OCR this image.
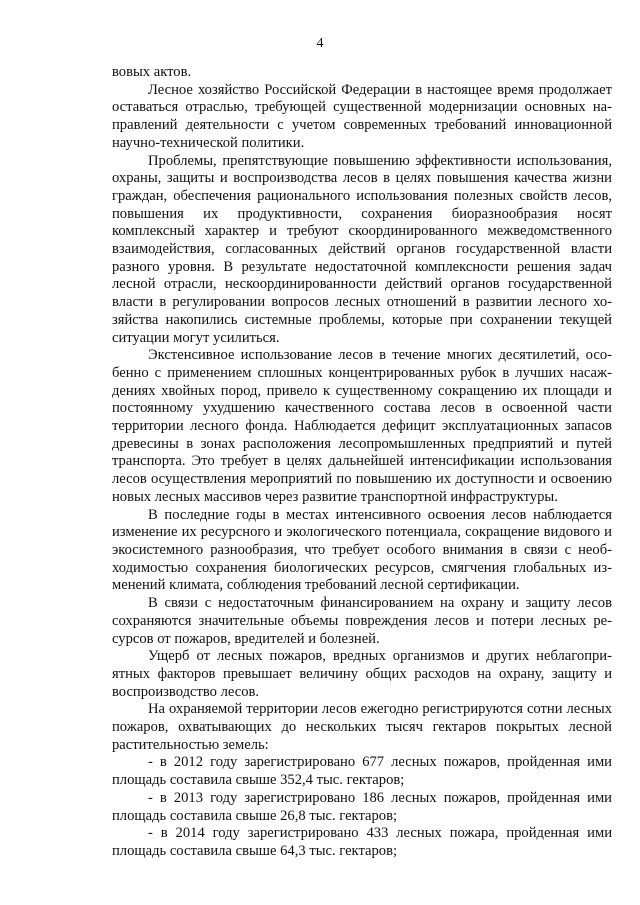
4

вовых актов.

Лесное хозяйство Российской Федерации в настоящее время продолжает оставаться отраслью, требующей существенной модернизации основных направлений деятельности с учетом современных требований инновационной научно-технической политики.

Проблемы, препятствующие повышению эффективности использования, охраны, защиты и воспроизводства лесов в целях повышения качества жизни граждан, обеспечения рационального использования полезных свойств лесов, повышения их продуктивности, сохранения биоразнообразия носят комплексный характер и требуют скоординированного межведомственного взаимодействия, согласованных действий органов государственной власти разного уровня. В результате недостаточной комплексности решения задач лесной отрасли, нескоординированности действий органов государственной власти в регулировании вопросов лесных отношений в развитии лесного хозяйства накопились системные проблемы, которые при сохранении текущей ситуации могут усилиться.

Экстенсивное использование лесов в течение многих десятилетий, особенно с применением сплошных концентрированных рубок в лучших насаждениях хвойных пород, привело к существенному сокращению их площади и постоянному ухудшению качественного состава лесов в освоенной части территории лесного фонда. Наблюдается дефицит эксплуатационных запасов древесины в зонах расположения лесопромышленных предприятий и путей транспорта. Это требует в целях дальнейшей интенсификации использования лесов осуществления мероприятий по повышению их доступности и освоению новых лесных массивов через развитие транспортной инфраструктуры.

В последние годы в местах интенсивного освоения лесов наблюдается изменение их ресурсного и экологического потенциала, сокращение видового и экосистемного разнообразия, что требует особого внимания в связи с необходимостью сохранения биологических ресурсов, смягчения глобальных изменений климата, соблюдения требований лесной сертификации.

В связи с недостаточным финансированием на охрану и защиту лесов сохраняются значительные объемы повреждения лесов и потери лесных ресурсов от пожаров, вредителей и болезней.

Ущерб от лесных пожаров, вредных организмов и других неблагоприятных факторов превышает величину общих расходов на охрану, защиту и воспроизводство лесов.

На охраняемой территории лесов ежегодно регистрируются сотни лесных пожаров, охватывающих до нескольких тысяч гектаров покрытых лесной растительностью земель:

- в 2012 году зарегистрировано 677 лесных пожаров, пройденная ими площадь составила свыше 352,4 тыс. гектаров;

- в 2013 году зарегистрировано 186 лесных пожаров, пройденная ими площадь составила свыше 26,8 тыс. гектаров;

- в 2014 году зарегистрировано 433 лесных пожара, пройденная ими площадь составила свыше 64,3 тыс. гектаров;
